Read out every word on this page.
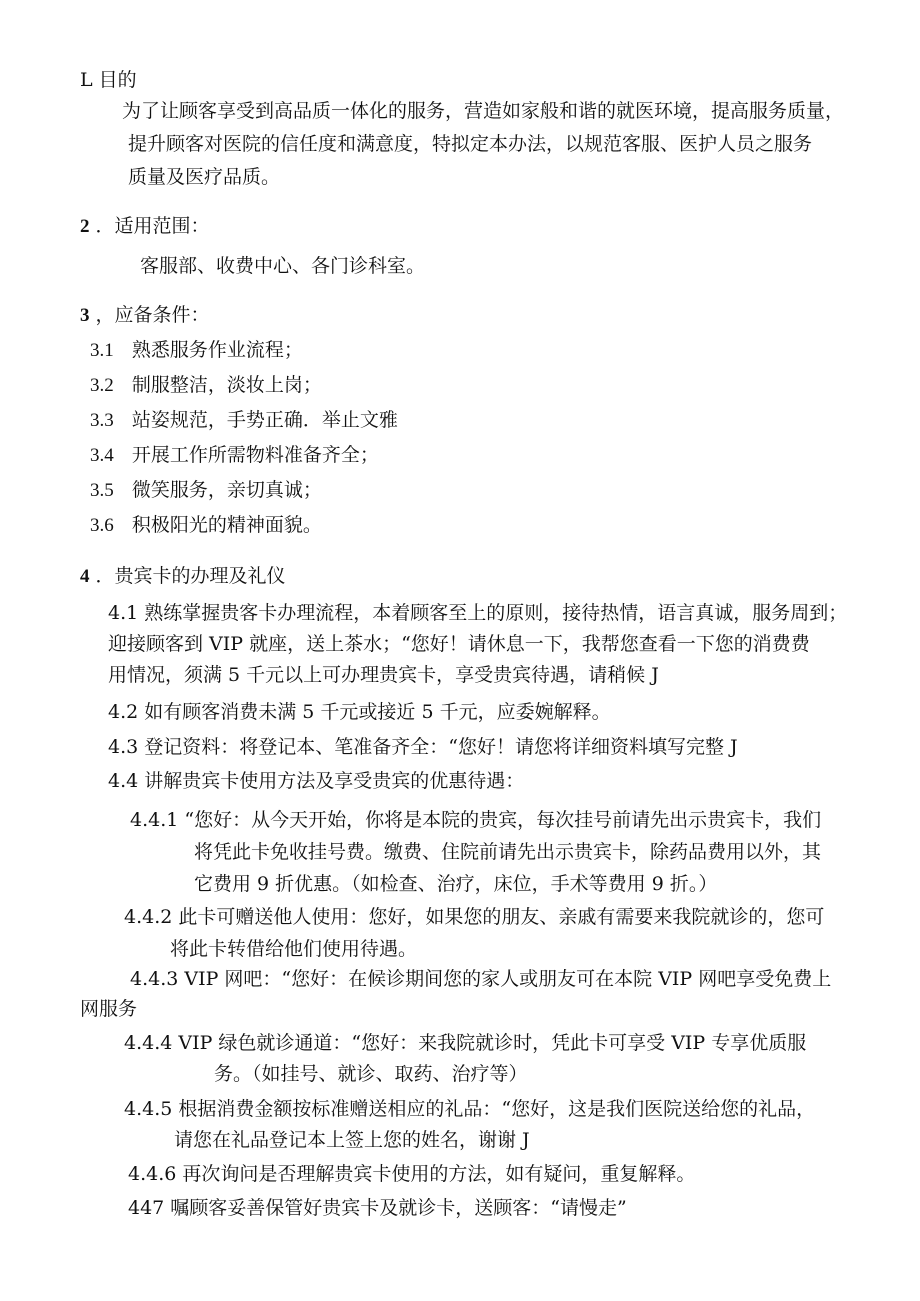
L 目的
为了让顾客享受到高品质一体化的服务，营造如家般和谐的就医环境，提高服务质量，
提升顾客对医院的信任度和满意度，特拟定本办法，以规范客服、医护人员之服务
质量及医疗品质。
2 ．适用范围：
客服部、收费中心、各门诊科室。
3 ，应备条件：
3.1 熟悉服务作业流程；
3.2 制服整洁，淡妆上岗；
3.3 站姿规范，手势正确．举止文雅
3.4 开展工作所需物料准备齐全；
3.5 微笑服务，亲切真诚；
3.6 积极阳光的精神面貌。
4 ．贵宾卡的办理及礼仪
4.1 熟练掌握贵客卡办理流程，本着顾客至上的原则，接待热情，语言真诚，服务周到；
迎接顾客到 VIP 就座，送上茶水；“您好！请休息一下，我帮您查看一下您的消费费
用情况，须满 5 千元以上可办理贵宾卡，享受贵宾待遇，请稍候 J
4.2 如有顾客消费未满 5 千元或接近 5 千元，应委婉解释。
4.3 登记资料：将登记本、笔准备齐全：“您好！请您将详细资料填写完整 J
4.4 讲解贵宾卡使用方法及享受贵宾的优惠待遇：
4.4.1 “您好：从今天开始，你将是本院的贵宾，每次挂号前请先出示贵宾卡，我们
将凭此卡免收挂号费。缴费、住院前请先出示贵宾卡，除药品费用以外，其
它费用 9 折优惠。（如检查、治疗，床位，手术等费用 9 折。）
4.4.2 此卡可赠送他人使用：您好，如果您的朋友、亲戚有需要来我院就诊的，您可
将此卡转借给他们使用待遇。
4.4.3 VIP 网吧：“您好：在候诊期间您的家人或朋友可在本院 VIP 网吧享受免费上
网服务
4.4.4 VIP 绿色就诊通道：“您好：来我院就诊时，凭此卡可享受 VIP 专享优质服
务。（如挂号、就诊、取药、治疗等）
4.4.5 根据消费金额按标准赠送相应的礼品：“您好，这是我们医院送给您的礼品，
请您在礼品登记本上签上您的姓名，谢谢 J
4.4.6 再次询问是否理解贵宾卡使用的方法，如有疑问，重复解释。
447 嘱顾客妥善保管好贵宾卡及就诊卡，送顾客：“请慢走”
